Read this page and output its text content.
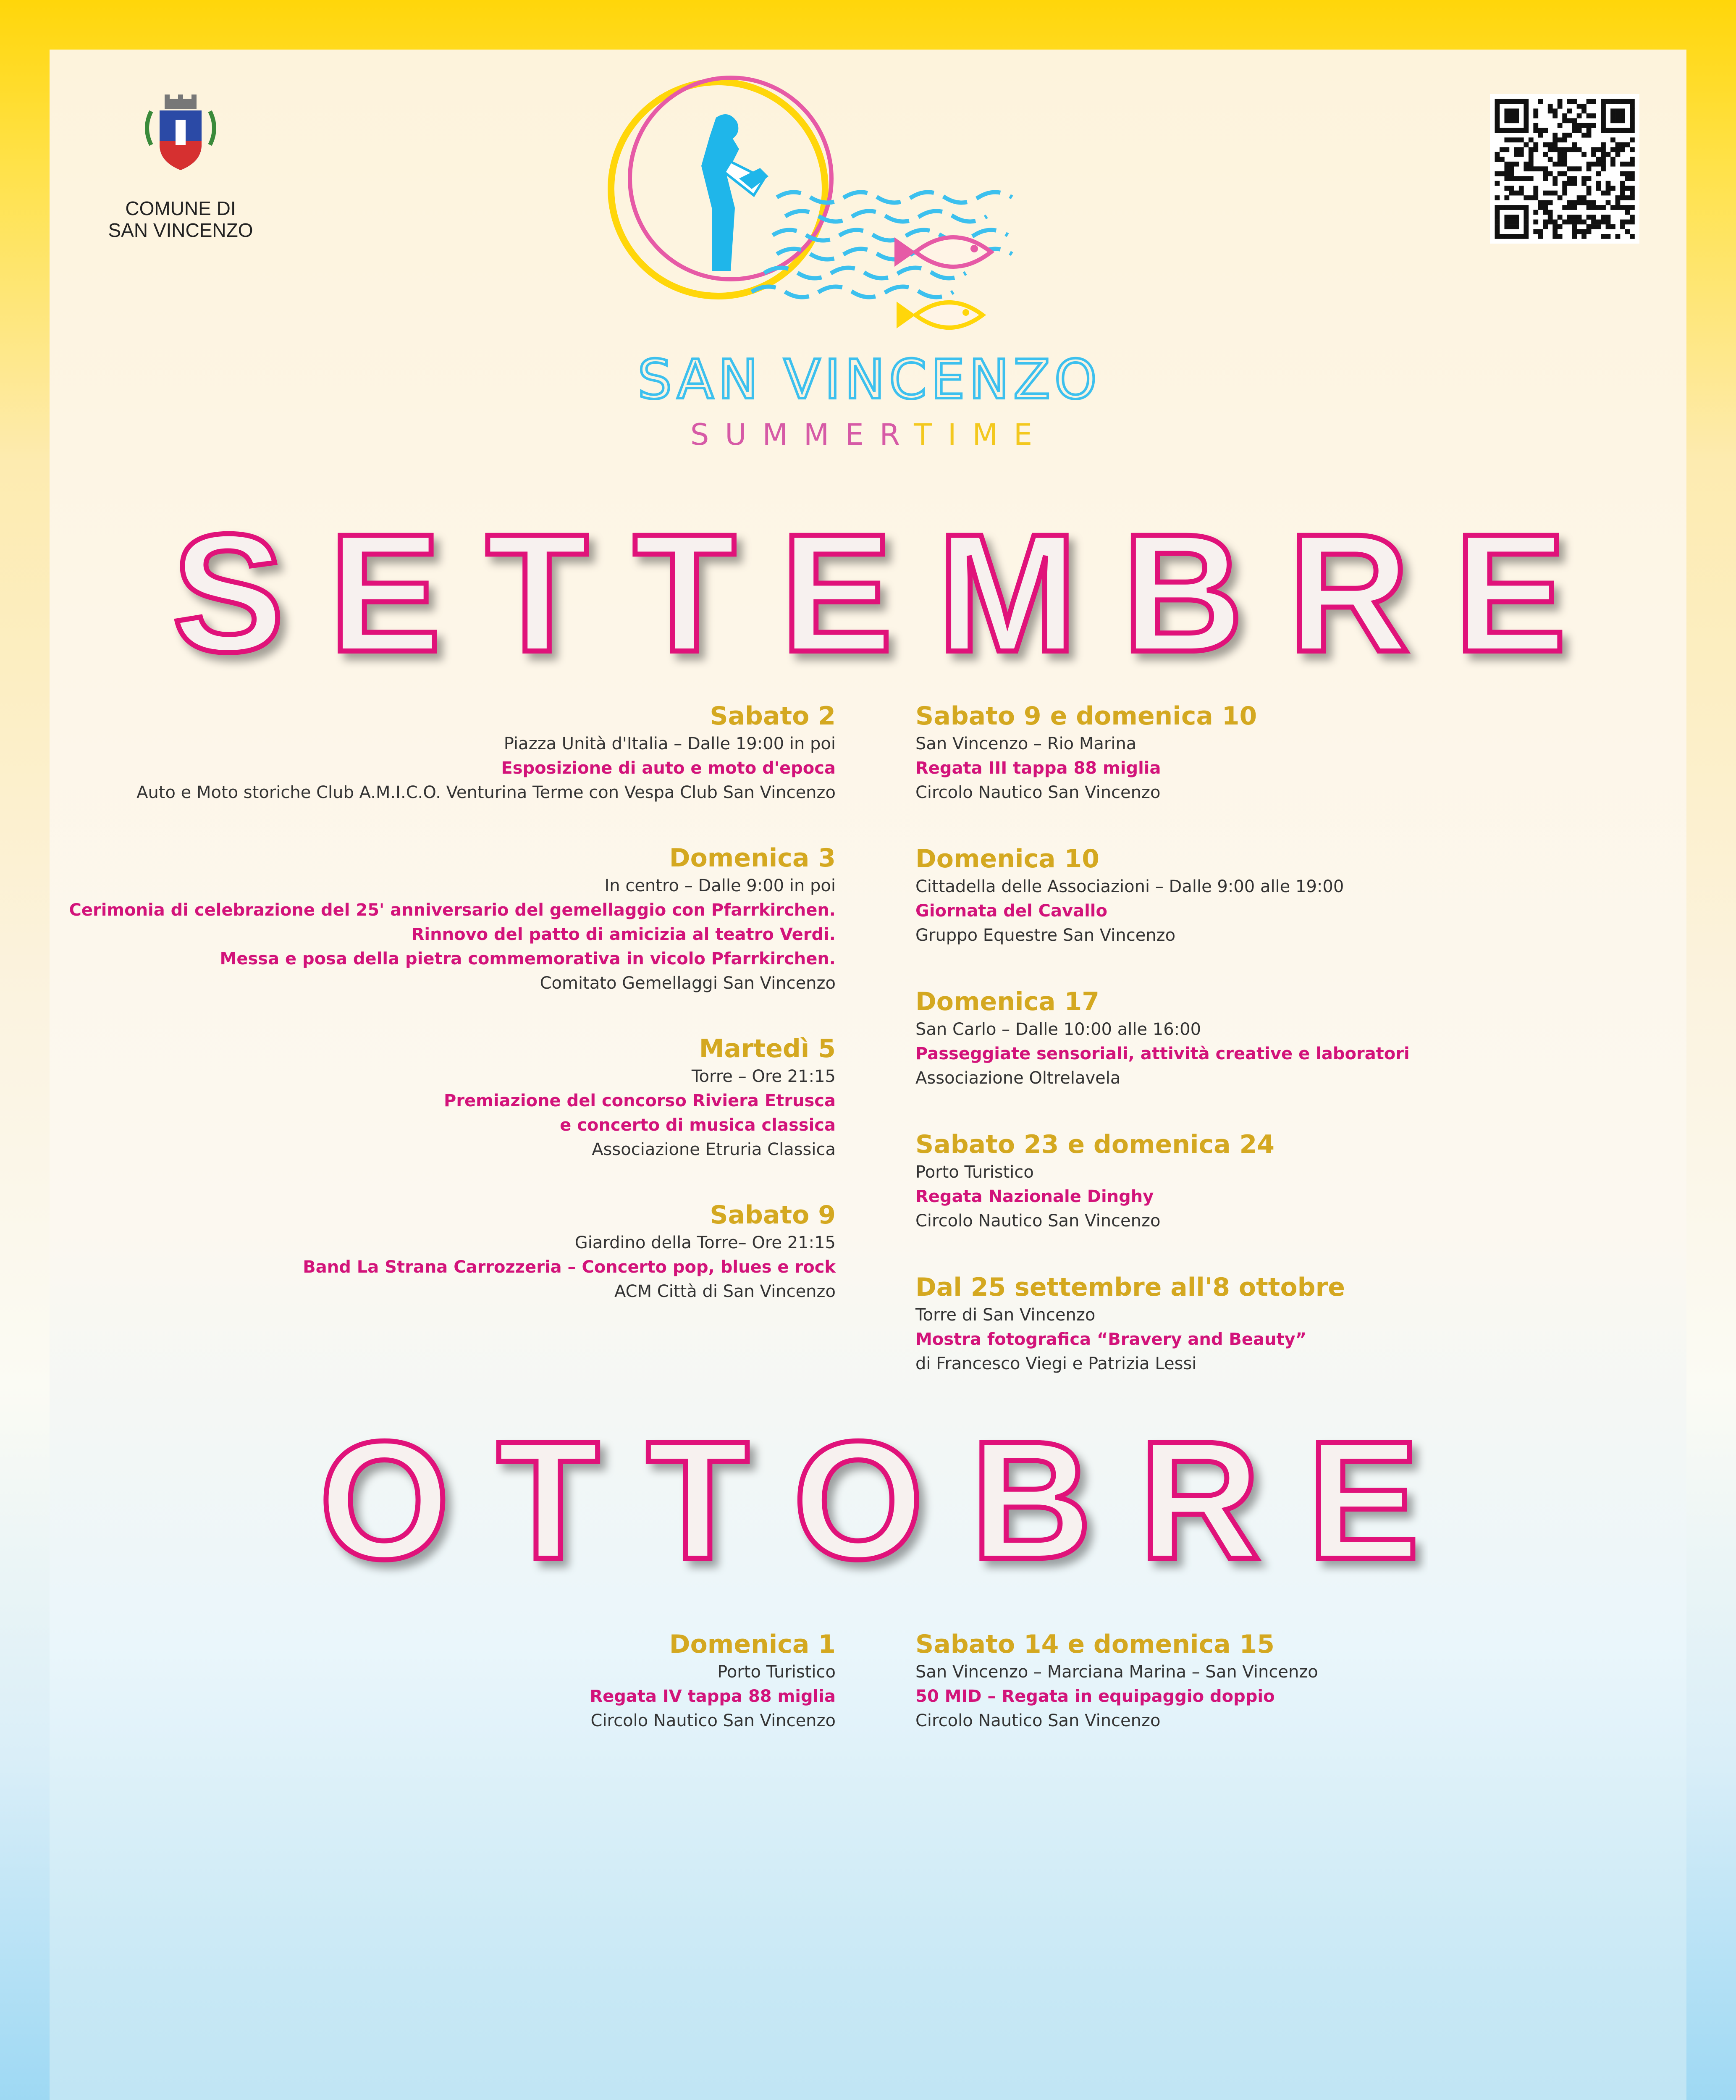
COMUNE DI
SAN VINCENZO
SAN VINCENZO
SUMMERTIME
SETTEMBRE
Sabato 2
Piazza Unità d'Italia – Dalle 19:00 in poi
Esposizione di auto e moto d'epoca
Auto e Moto storiche Club A.M.I.C.O. Venturina Terme con Vespa Club San Vincenzo
Domenica 3
In centro – Dalle 9:00 in poi
Cerimonia di celebrazione del 25' anniversario del gemellaggio con Pfarrkirchen.
Rinnovo del patto di amicizia al teatro Verdi.
Messa e posa della pietra commemorativa in vicolo Pfarrkirchen.
Comitato Gemellaggi San Vincenzo
Martedì 5
Torre – Ore 21:15
Premiazione del concorso Riviera Etrusca
e concerto di musica classica
Associazione Etruria Classica
Sabato 9
Giardino della Torre– Ore 21:15
Band La Strana Carrozzeria – Concerto pop, blues e rock
ACM Città di San Vincenzo
Sabato 9 e domenica 10
San Vincenzo – Rio Marina
Regata III tappa 88 miglia
Circolo Nautico San Vincenzo
Domenica 10
Cittadella delle Associazioni – Dalle 9:00 alle 19:00
Giornata del Cavallo
Gruppo Equestre San Vincenzo
Domenica 17
San Carlo – Dalle 10:00 alle 16:00
Passeggiate sensoriali, attività creative e laboratori
Associazione Oltrelavela
Sabato 23 e domenica 24
Porto Turistico
Regata Nazionale Dinghy
Circolo Nautico San Vincenzo
Dal 25 settembre all'8 ottobre
Torre di San Vincenzo
Mostra fotografica “Bravery and Beauty”
di Francesco Viegi e Patrizia Lessi
OTTOBRE
Domenica 1
Porto Turistico
Regata IV tappa 88 miglia
Circolo Nautico San Vincenzo
Sabato 14 e domenica 15
San Vincenzo – Marciana Marina – San Vincenzo
50 MID – Regata in equipaggio doppio
Circolo Nautico San Vincenzo
